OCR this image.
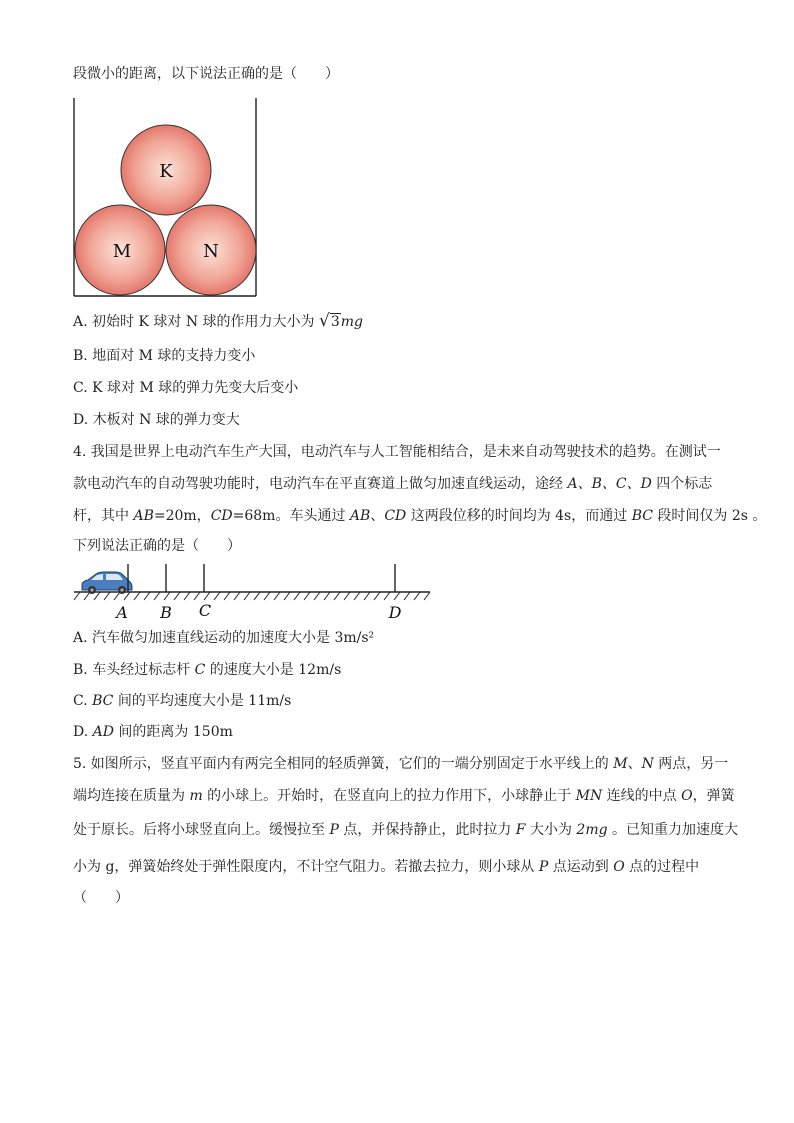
段微小的距离，以下说法正确的是（　　）
K
M	N
A. 初始时 K 球对 N 球的作用力大小为 √3mg
B. 地面对 M 球的支持力变小
C. K 球对 M 球的弹力先变大后变小
D. 木板对 N 球的弹力变大
4. 我国是世界上电动汽车生产大国，电动汽车与人工智能相结合，是未来自动驾驶技术的趋势。在测试一
款电动汽车的自动驾驶功能时，电动汽车在平直赛道上做匀加速直线运动，途经 A、B、C、D 四个标志
杆，其中 AB=20m，CD=68m。车头通过 AB、CD 这两段位移的时间均为 4s，而通过 BC 段时间仅为 2s 。
下列说法正确的是（　　）
A B C	D
A. 汽车做匀加速直线运动的加速度大小是 3m/s²
B. 车头经过标志杆 C 的速度大小是 12m/s
C. BC 间的平均速度大小是 11m/s
D. AD 间的距离为 150m
5. 如图所示，竖直平面内有两完全相同的轻质弹簧，它们的一端分别固定于水平线上的 M、N 两点，另一
端均连接在质量为 m 的小球上。开始时，在竖直向上的拉力作用下，小球静止于 MN 连线的中点 O，弹簧
处于原长。后将小球竖直向上。缓慢拉至 P 点，并保持静止，此时拉力 F 大小为 2mg 。已知重力加速度大
小为 g，弹簧始终处于弹性限度内，不计空气阻力。若撤去拉力，则小球从 P 点运动到 O 点的过程中
（　　）
